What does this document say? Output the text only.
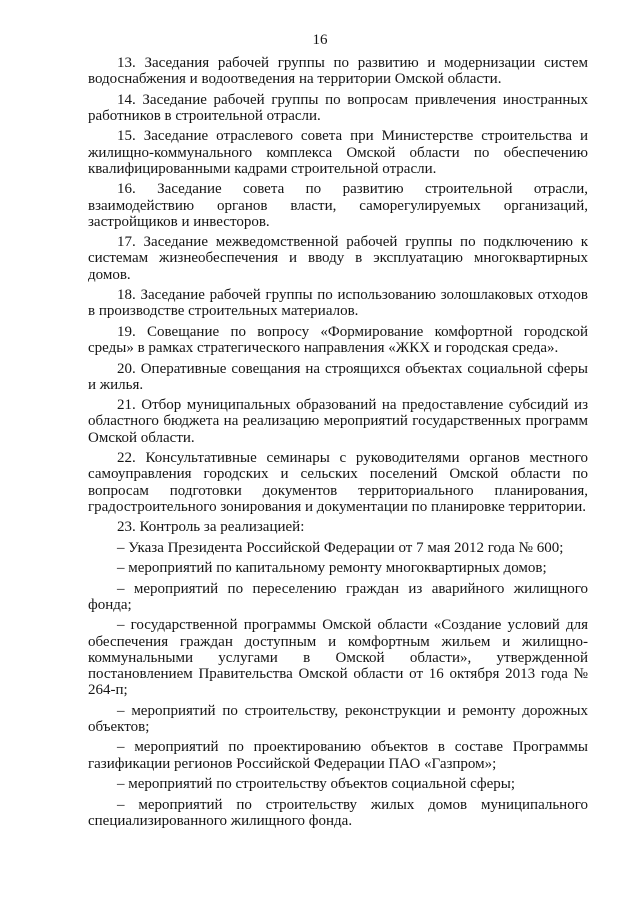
16

13. Заседания рабочей группы по развитию и модернизации систем водоснабжения и водоотведения на территории Омской области.

14. Заседание рабочей группы по вопросам привлечения иностранных работников в строительной отрасли.

15. Заседание отраслевого совета при Министерстве строительства и жилищно-коммунального комплекса Омской области по обеспечению квалифицированными кадрами строительной отрасли.

16. Заседание совета по развитию строительной отрасли, взаимодействию органов власти, саморегулируемых организаций, застройщиков и инвесторов.

17. Заседание межведомственной рабочей группы по подключению к системам жизнеобеспечения и вводу в эксплуатацию многоквартирных домов.

18. Заседание рабочей группы по использованию золошлаковых отходов в производстве строительных материалов.

19. Совещание по вопросу «Формирование комфортной городской среды» в рамках стратегического направления «ЖКХ и городская среда».

20. Оперативные совещания на строящихся объектах социальной сферы и жилья.

21. Отбор муниципальных образований на предоставление субсидий из областного бюджета на реализацию мероприятий государственных программ Омской области.

22. Консультативные семинары с руководителями органов местного самоуправления городских и сельских поселений Омской области по вопросам подготовки документов территориального планирования, градостроительного зонирования и документации по планировке территории.

23. Контроль за реализацией:

– Указа Президента Российской Федерации от 7 мая 2012 года № 600;

– мероприятий по капитальному ремонту многоквартирных домов;

– мероприятий по переселению граждан из аварийного жилищного фонда;

– государственной программы Омской области «Создание условий для обеспечения граждан доступным и комфортным жильем и жилищно-коммунальными услугами в Омской области», утвержденной постановлением Правительства Омской области от 16 октября 2013 года № 264-п;

– мероприятий по строительству, реконструкции и ремонту дорожных объектов;

– мероприятий по проектированию объектов в составе Программы газификации регионов Российской Федерации ПАО «Газпром»;

– мероприятий по строительству объектов социальной сферы;

– мероприятий по строительству жилых домов муниципального специализированного жилищного фонда.
